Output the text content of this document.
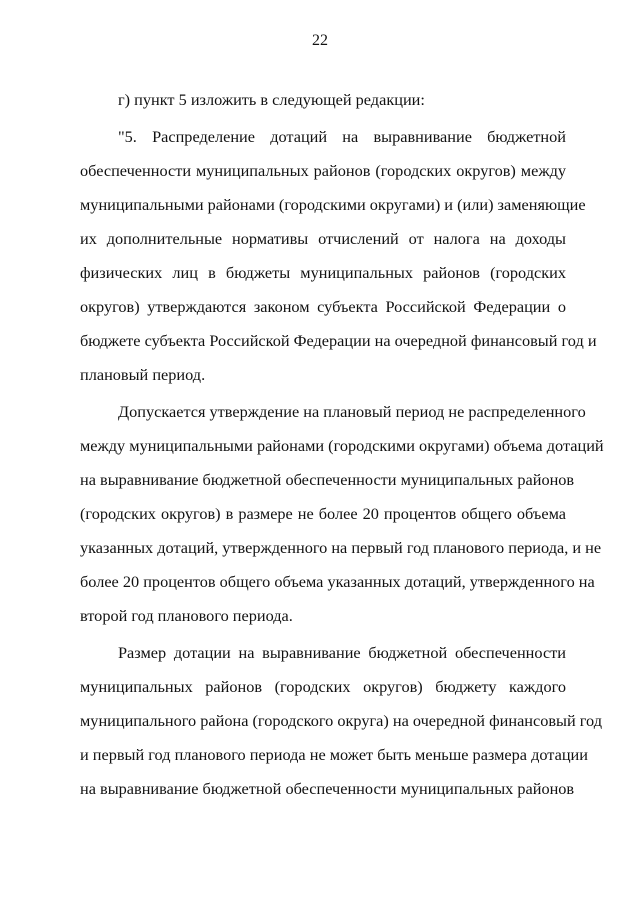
22
г) пункт 5 изложить в следующей редакции:
"5. Распределение дотаций на выравнивание бюджетной
обеспеченности муниципальных районов (городских округов) между
муниципальными районами (городскими округами) и (или) заменяющие
их дополнительные нормативы отчислений от налога на доходы
физических лиц в бюджеты муниципальных районов (городских
округов) утверждаются законом субъекта Российской Федерации о
бюджете субъекта Российской Федерации на очередной финансовый год и
плановый период.
Допускается утверждение на плановый период не распределенного
между муниципальными районами (городскими округами) объема дотаций
на выравнивание бюджетной обеспеченности муниципальных районов
(городских округов) в размере не более 20 процентов общего объема
указанных дотаций, утвержденного на первый год планового периода, и не
более 20 процентов общего объема указанных дотаций, утвержденного на
второй год планового периода.
Размер дотации на выравнивание бюджетной обеспеченности
муниципальных районов (городских округов) бюджету каждого
муниципального района (городского округа) на очередной финансовый год
и первый год планового периода не может быть меньше размера дотации
на выравнивание бюджетной обеспеченности муниципальных районов
